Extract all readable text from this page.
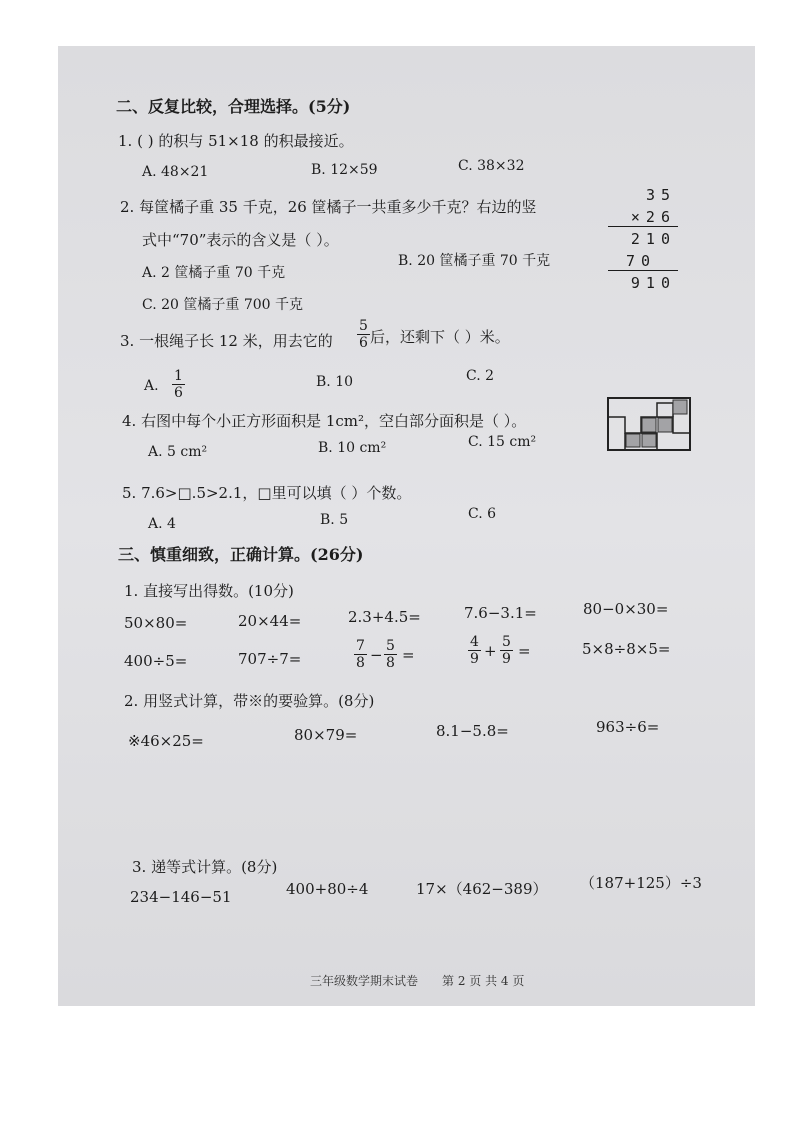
二、反复比较，合理选择。(5分)
1. ( ) 的积与 51×18 的积最接近。
A. 48×21	B. 12×59	C. 38×32
2. 每筐橘子重 35 千克，26 筐橘子一共重多少千克？右边的竖
式中“70”表示的含义是（ ）。
A. 2 筐橘子重 70 千克
B. 20 筐橘子重 70 千克
C. 20 筐橘子重 700 千克
35
×26
210
70
910
3. 一根绳子长 12 米，用去它的 $\frac{5}{6}$ 后，还剩下（ ）米。
A. $\frac{1}{6}$	B. 10	C. 2
4. 右图中每个小正方形面积是 1cm²，空白部分面积是（ ）。
A. 5 cm²	B. 10 cm²	C. 15 cm²
5. 7.6>□.5>2.1，□里可以填（ ）个数。
A. 4	B. 5	C. 6
三、慎重细致，正确计算。(26分)
1. 直接写出得数。(10分)
50×80=	20×44=	2.3+4.5=	7.6−3.1=	80−0×30=
400÷5=	707÷7=	$\frac{7}{8} - \frac{5}{8}$ =	$\frac{4}{9} + \frac{5}{9}$ =	5×8÷8×5=
2. 用竖式计算，带※的要验算。(8分)
※46×25=	80×79=	8.1−5.8=	963÷6=
3. 递等式计算。(8分)
234−146−51	400+80÷4	17×（462−389） （187+125）÷3
三年级数学期末试卷 第 2 页 共 4 页
